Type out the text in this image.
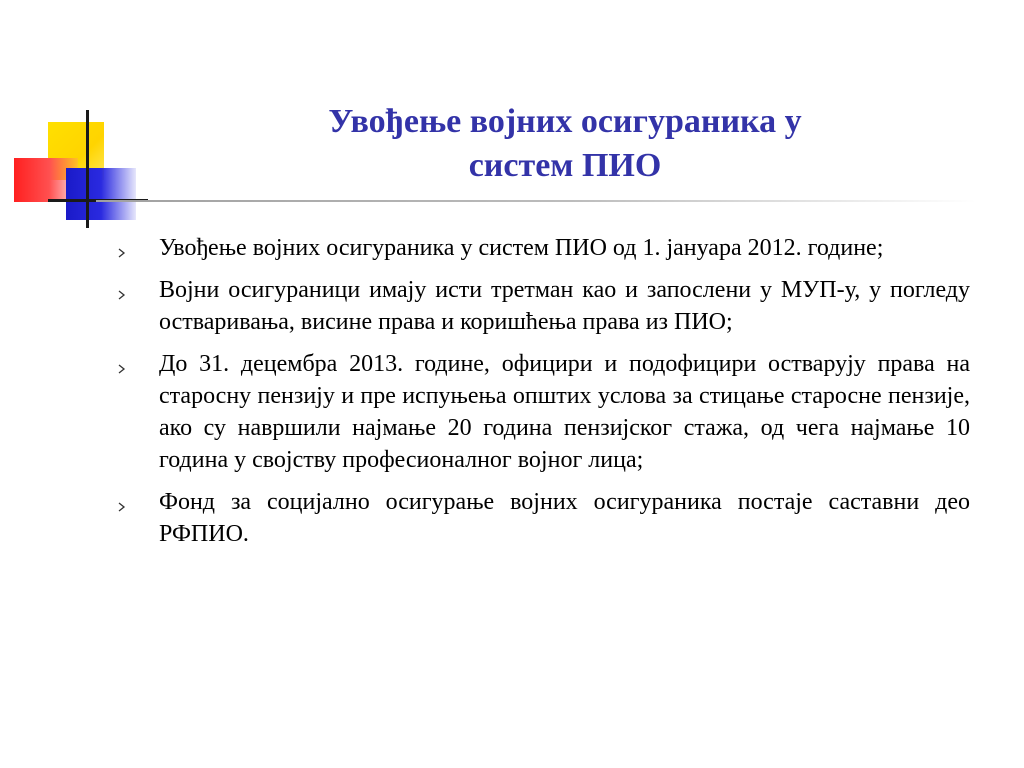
Увођење војних осигураника у
систем ПИО
Увођење војних осигураника у систем ПИО од 1. јануара 2012. године;
Војни осигураници имају исти третман као и запослени у МУП-у, у погледу остваривања, висине права и коришћења права из ПИО;
До 31. децембра 2013. године, официри и подофицири остварују права на старосну пензију и пре испуњења општих услова за стицање старосне пензије, ако су навршили најмање 20 година пензијског стажа, од чега најмање 10 година у својству професионалног војног лица;
Фонд за социјално осигурање војних осигураника постаје саставни део РФПИО.
